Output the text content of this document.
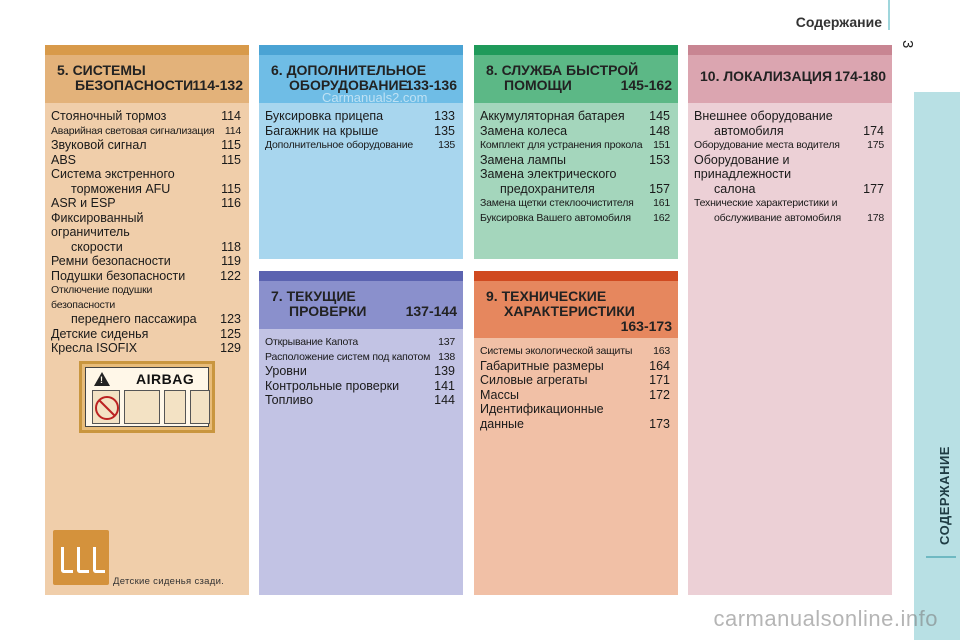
Содержание
3
СОДЕРЖАНИЕ
5. СИСТЕМЫ
БЕЗОПАСНОСТИ 114-132
Стояночный тормоз	114
Аварийная световая сигнализация	114
Звуковой сигнал	115
ABS	115
Система экстренного
торможения AFU	115
ASR и ESP	116
Фиксированный ограничитель
скорости	118
Ремни безопасности	119
Подушки безопасности	122
Отключение подушки безопасности
переднего пассажира	123
Детские сиденья	125
Кресла ISOFIX	129
! AIRBAG
Детские сиденья сзади.
6. ДОПОЛНИТЕЛЬНОЕ
ОБОРУДОВАНИЕ
133-136
Буксировка прицепа	133
Багажник на крыше	135
Дополнительное оборудование	135
7. ТЕКУЩИЕ
ПРОВЕРКИ	137-144
Открывание Капота	137
Расположение систем под капотом 138
Уровни	139
Контрольные проверки	141
Топливо	144
8. СЛУЖБА БЫСТРОЙ
ПОМОЩИ	145-162
Аккумуляторная батарея	145
Замена колеса	148
Комплект для устранения прокола	151
Замена лампы	153
Замена электрического
предохранителя	157
Замена щетки стеклоочистителя	161
Буксировка Вашего автомобиля	162
9. ТЕХНИЧЕСКИЕ
ХАРАКТЕРИСТИКИ
163-173
Системы экологической защиты	163
Габаритные размеры	164
Силовые агрегаты	171
Массы	172
Идентификационные данные	173
10. ЛОКАЛИЗАЦИЯ 174-180
Внешнее оборудование
автомобиля	174
Оборудование места водителя	175
Оборудование и принадлежности
салона	177
Технические характеристики и
обслуживание автомобиля	178
Carmanuals2.com
carmanualsonline.info
